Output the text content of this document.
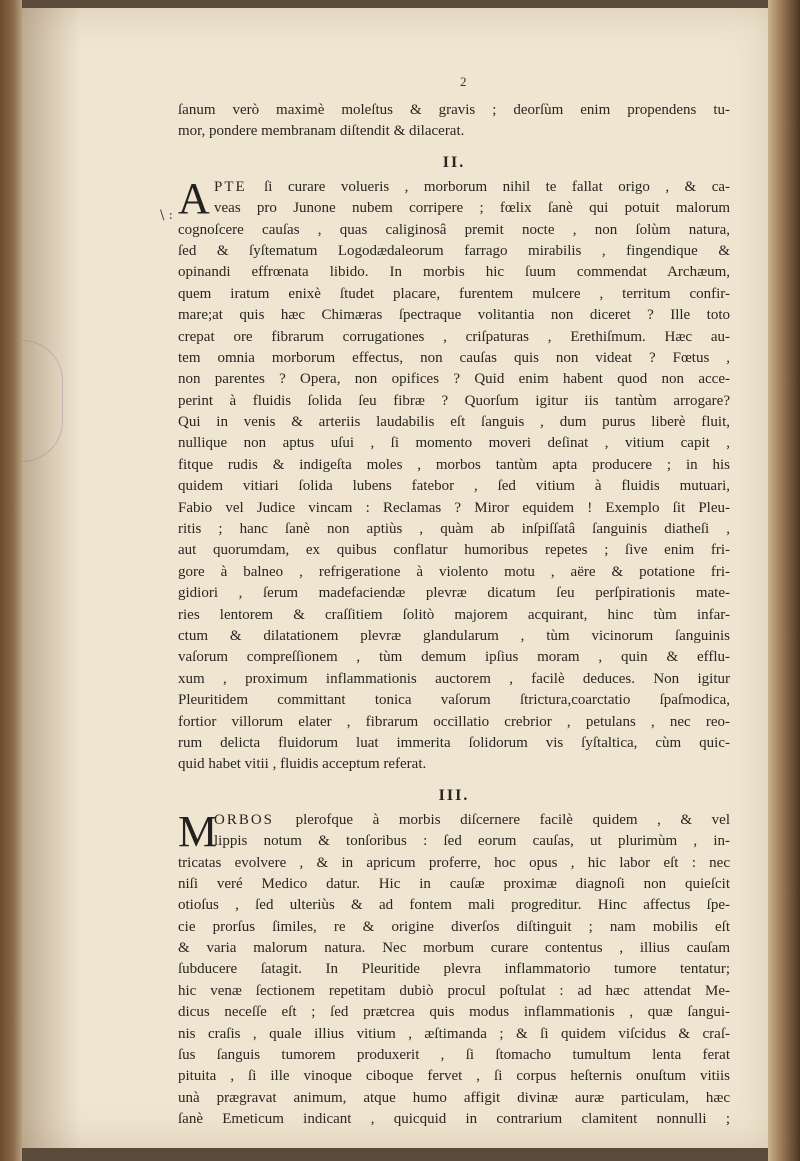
2
\ :
ſanum verò maximè moleſtus & gravis ; deorſùm enim propendens tu-
mor, pondere membranam diſtendit & dilacerat.
II.
A PTE ſi curare volueris , morborum nihil te fallat origo , & ca-
veas pro Junone nubem corripere ; fœlix ſanè qui potuit malorum
cognoſcere cauſas , quas caliginosâ premit nocte , non ſolùm natura,
ſed & ſyſtematum Logodædaleorum farrago mirabilis , fingendique &
opinandi effrœnata libido. In morbis hic ſuum commendat Archæum,
quem iratum enixè ſtudet placare, furentem mulcere , territum confir-
mare;at quis hæc Chimæras ſpectraque volitantia non diceret ? Ille toto
crepat ore fibrarum corrugationes , criſpaturas , Erethiſmum. Hæc au-
tem omnia morborum effectus, non cauſas quis non videat ? Fœtus ,
non parentes ? Opera, non opifices ? Quid enim habent quod non acce-
perint à fluidis ſolida ſeu fibræ ? Quorſum igitur iis tantùm arrogare?
Qui in venis & arteriis laudabilis eſt ſanguis , dum purus liberè fluit,
nullique non aptus uſui , ſi momento moveri deſinat , vitium capit ,
fitque rudis & indigeſta moles , morbos tantùm apta producere ; in his
quidem vitiari ſolida lubens fatebor , ſed vitium à fluidis mutuari,
Fabio vel Judice vincam : Reclamas ? Miror equidem ! Exemplo ſit Pleu-
ritis ; hanc ſanè non aptiùs , quàm ab inſpiſſatâ ſanguinis diatheſi ,
aut quorumdam, ex quibus conflatur humoribus repetes ; ſive enim fri-
gore à balneo , refrigeratione à violento motu , aëre & potatione fri-
gidiori , ſerum madefaciendæ plevræ dicatum ſeu perſpirationis mate-
ries lentorem & craſſitiem ſolitò majorem acquirant, hinc tùm infar-
ctum & dilatationem plevræ glandularum , tùm vicinorum ſanguinis
vaſorum compreſſionem , tùm demum ipſius moram , quin & efflu-
xum , proximum inflammationis auctorem , facilè deduces. Non igitur
Pleuritidem committant tonica vaſorum ſtrictura,coarctatio ſpaſmodica,
fortior villorum elater , fibrarum occillatio crebrior , petulans , nec reo-
rum delicta fluidorum luat immerita ſolidorum vis ſyſtaltica, cùm quic-
quid habet vitii , fluidis acceptum referat.
III.
M
ORBOS plerofque à morbis diſcernere facilè quidem , & vel
lippis notum & tonſoribus : ſed eorum cauſas, ut plurimùm , in-
tricatas evolvere , & in apricum proferre, hoc opus , hic labor eſt : nec
niſi veré Medico datur. Hic in cauſæ proximæ diagnoſi non quieſcit
otioſus , ſed ulteriùs & ad fontem mali progreditur. Hinc affectus ſpe-
cie prorſus ſimiles, re & origine diverſos diſtinguit ; nam mobilis eſt
& varia malorum natura. Nec morbum curare contentus , illius cauſam
ſubducere ſatagit. In Pleuritide plevra inflammatorio tumore tentatur;
hic venæ ſectionem repetitam dubiò procul poſtulat : ad hæc attendat Me-
dicus neceſſe eſt ; ſed prætcrea quis modus inflammationis , quæ ſangui-
nis craſis , quale illius vitium , æſtimanda ; & ſi quidem viſcidus & craſ-
ſus ſanguis tumorem produxerit , ſi ſtomacho tumultum lenta ferat
pituita , ſi ille vinoque ciboque fervet , ſi corpus heſternis onuſtum vitiis
unà prægravat animum, atque humo affigit divinæ auræ particulam, hæc
ſanè Emeticum indicant , quicquid in contrarium clamitent nonnulli ;
